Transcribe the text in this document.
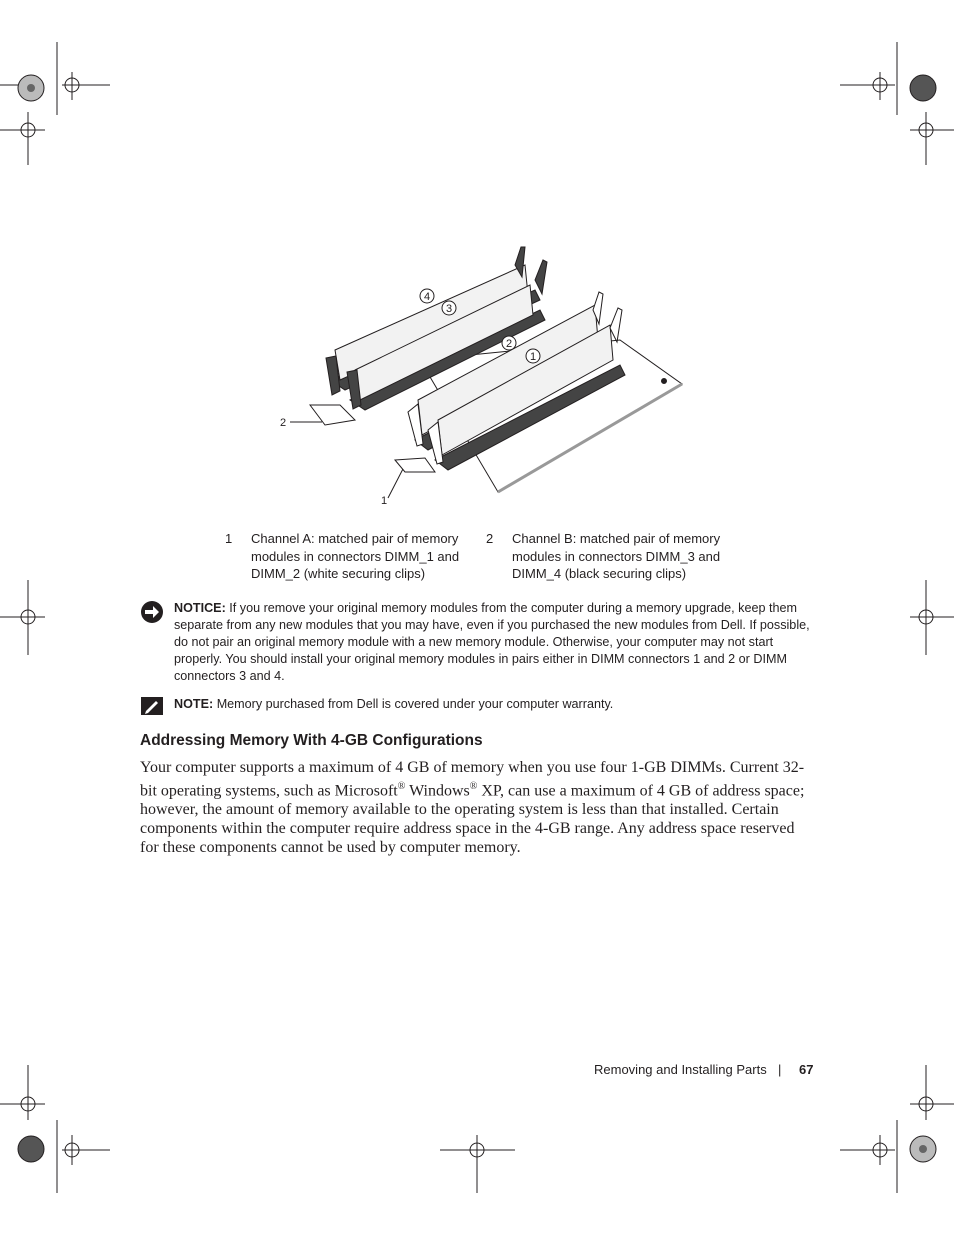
4
3
2
1
2
1
1 Channel A: matched pair of memory modules in connectors DIMM_1 and DIMM_2 (white securing clips)
2 Channel B: matched pair of memory modules in connectors DIMM_3 and DIMM_4 (black securing clips)
NOTICE: If you remove your original memory modules from the computer during a memory upgrade, keep them separate from any new modules that you may have, even if you purchased the new modules from Dell. If possible, do not pair an original memory module with a new memory module. Otherwise, your computer may not start properly. You should install your original memory modules in pairs either in DIMM connectors 1 and 2 or DIMM connectors 3 and 4.
NOTE: Memory purchased from Dell is covered under your computer warranty.
Addressing Memory With 4-GB Configurations
Your computer supports a maximum of 4 GB of memory when you use four 1-GB DIMMs. Current 32-bit operating systems, such as Microsoft® Windows® XP, can use a maximum of 4 GB of address space; however, the amount of memory available to the operating system is less than that installed. Certain components within the computer require address space in the 4-GB range. Any address space reserved for these components cannot be used by computer memory.
Removing and Installing Parts | 67
